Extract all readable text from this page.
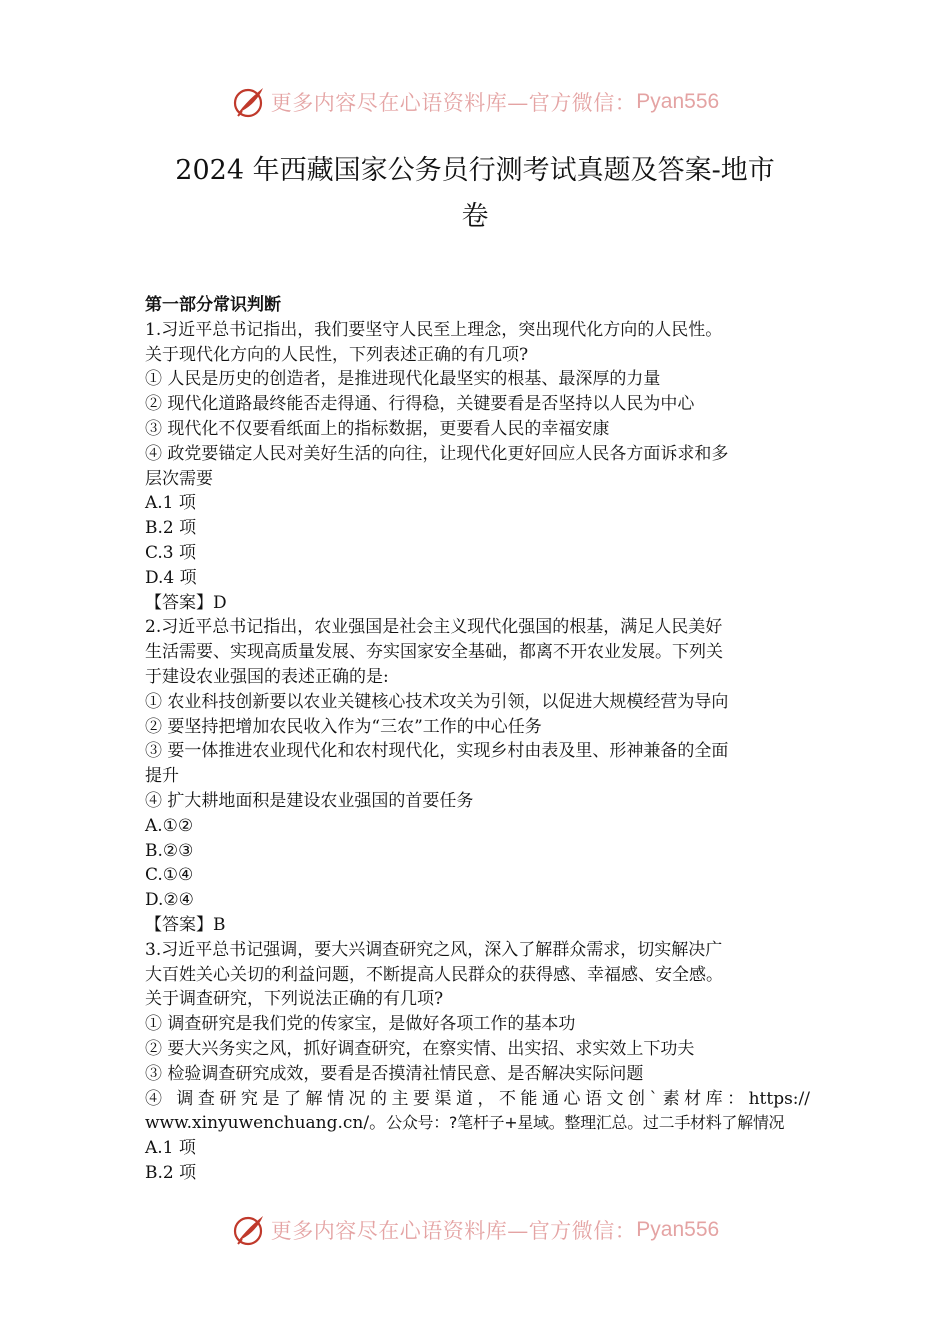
更多内容尽在心语资料库—官方微信： Pyan556
2024 年西藏国家公务员行测考试真题及答案-地市
卷
第一部分常识判断
1.习近平总书记指出，我们要坚守人民至上理念，突出现代化方向的人民性。
关于现代化方向的人民性，下列表述正确的有几项?
① 人民是历史的创造者，是推进现代化最坚实的根基、最深厚的力量
② 现代化道路最终能否走得通、行得稳，关键要看是否坚持以人民为中心
③ 现代化不仅要看纸面上的指标数据，更要看人民的幸福安康
④ 政党要锚定人民对美好生活的向往，让现代化更好回应人民各方面诉求和多
层次需要
A.1 项
B.2 项
C.3 项
D.4 项
【答案】D
2.习近平总书记指出，农业强国是社会主义现代化强国的根基，满足人民美好
生活需要、实现高质量发展、夯实国家安全基础，都离不开农业发展。下列关
于建设农业强国的表述正确的是:
① 农业科技创新要以农业关键核心技术攻关为引领，以促进大规模经营为导向
② 要坚持把增加农民收入作为“三农”工作的中心任务
③ 要一体推进农业现代化和农村现代化，实现乡村由表及里、形神兼备的全面
提升
④ 扩大耕地面积是建设农业强国的首要任务
A.①②
B.②③
C.①④
D.②④
【答案】B
3.习近平总书记强调，要大兴调查研究之风，深入了解群众需求，切实解决广
大百姓关心关切的利益问题，不断提高人民群众的获得感、幸福感、安全感。
关于调查研究，下列说法正确的有几项?
① 调查研究是我们党的传家宝，是做好各项工作的基本功
② 要大兴务实之风，抓好调查研究，在察实情、出实招、求实效上下功夫
③ 检验调查研究成效，要看是否摸清社情民意、是否解决实际问题
④ 调查研究是了解情况的主要渠道，不能通心语文创`素材库：https://
www.xinyuwenchuang.cn/。公众号：?笔杆子+星域。整理汇总。过二手材料了解情况
A.1 项
B.2 项
更多内容尽在心语资料库—官方微信： Pyan556
